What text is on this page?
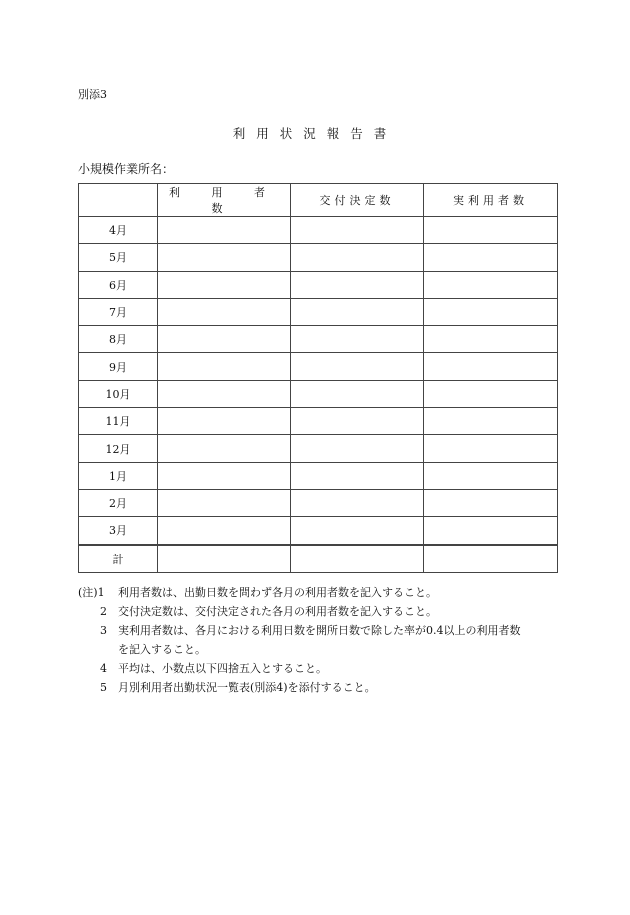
別添3
利用状況報告書
小規模作業所名：
	利 用 者 数	交付決定数	実利用者数
4月			
5月			
6月			
7月			
8月			
9月			
10月			
11月			
12月			
1月			
2月			
3月			
計			
(注)1	利用者数は、出勤日数を問わず各月の利用者数を記入すること。
2	交付決定数は、交付決定された各月の利用者数を記入すること。
3	実利用者数は、各月における利用日数を開所日数で除した率が0.4以上の利用者数
を記入すること。
4	平均は、小数点以下四捨五入とすること。
5	月別利用者出勤状況一覧表(別添4)を添付すること。
